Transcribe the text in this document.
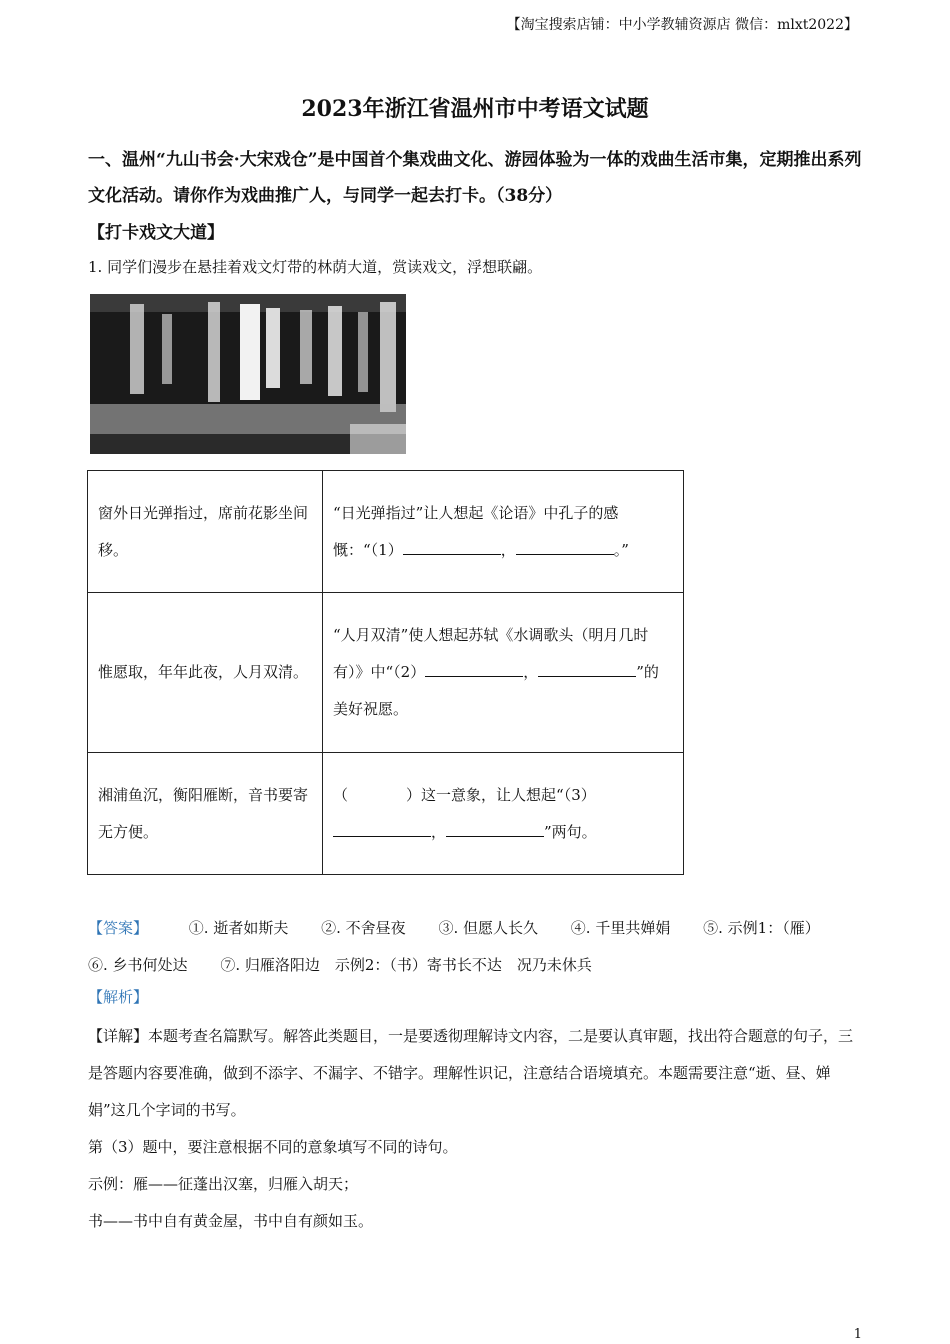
【淘宝搜索店铺：中小学教辅资源店 微信：mlxt2022】
2023年浙江省温州市中考语文试题
一、温州“九山书会·大宋戏仓”是中国首个集戏曲文化、游园体验为一体的戏曲生活市集，定期推出系列文化活动。请你作为戏曲推广人，与同学一起去打卡。（38分）
【打卡戏文大道】
1. 同学们漫步在悬挂着戏文灯带的林荫大道，赏读戏文，浮想联翩。
窗外日光弹指过，席前花影坐间移。	“日光弹指过”让人想起《论语》中孔子的感慨：“（1） ， 。”
惟愿取，年年此夜，人月双清。	“人月双清”使人想起苏轼《水调歌头（明月几时有）》中“（2） ， ”的美好祝愿。
湘浦鱼沉，衡阳雁断，音书要寄无方便。	（ ）这一意象，让人想起“（3）， ”两句。
【答案】	①. 逝者如斯夫 ②. 不舍昼夜 ③. 但愿人长久 ④. 千里共婵娟 ⑤. 示例1：（雁） ⑥. 乡书何处达 ⑦. 归雁洛阳边　示例2：（书）寄书长不达　况乃未休兵
【解析】

【详解】本题考查名篇默写。解答此类题目，一是要透彻理解诗文内容，二是要认真审题，找出符合题意的句子，三是答题内容要准确，做到不添字、不漏字、不错字。理解性识记，注意结合语境填充。本题需要注意“逝、昼、婵娟”这几个字词的书写。

第（3）题中，要注意根据不同的意象填写不同的诗句。

示例：雁——征蓬出汉塞，归雁入胡天；

书——书中自有黄金屋，书中自有颜如玉。

1
